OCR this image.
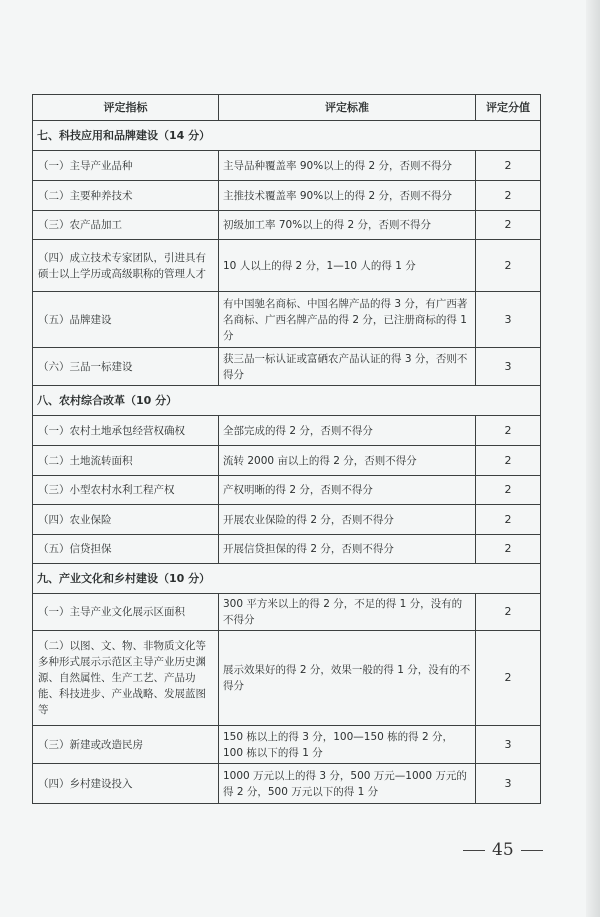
评定指标	评定标准	评定分值
七、科技应用和品牌建设（14 分）		
（一）主导产业品种	主导品种覆盖率 90%以上的得 2 分，否则不得分	2
（二）主要种养技术	主推技术覆盖率 90%以上的得 2 分，否则不得分	2
（三）农产品加工	初级加工率 70%以上的得 2 分，否则不得分	2
（四）成立技术专家团队，引进具有硕士以上学历或高级职称的管理人才	10 人以上的得 2 分，1—10 人的得 1 分	2
（五）品牌建设	有中国驰名商标、中国名牌产品的得 3 分，有广西著名商标、广西名牌产品的得 2 分，已注册商标的得 1 分	3
（六）三品一标建设	获三品一标认证或富硒农产品认证的得 3 分，否则不得分	3
八、农村综合改革（10 分）		
（一）农村土地承包经营权确权	全部完成的得 2 分，否则不得分	2
（二）土地流转面积	流转 2000 亩以上的得 2 分，否则不得分	2
（三）小型农村水利工程产权	产权明晰的得 2 分，否则不得分	2
（四）农业保险	开展农业保险的得 2 分，否则不得分	2
（五）信贷担保	开展信贷担保的得 2 分，否则不得分	2
九、产业文化和乡村建设（10 分）		
（一）主导产业文化展示区面积	300 平方米以上的得 2 分，不足的得 1 分，没有的不得分	2
（二）以图、文、物、非物质文化等多种形式展示示范区主导产业历史渊源、自然属性、生产工艺、产品功能、科技进步、产业战略、发展蓝图等	展示效果好的得 2 分，效果一般的得 1 分，没有的不得分	2
（三）新建或改造民房	150 栋以上的得 3 分，100—150 栋的得 2 分，100 栋以下的得 1 分	3
（四）乡村建设投入	1000 万元以上的得 3 分，500 万元—1000 万元的得 2 分，500 万元以下的得 1 分	3
45
